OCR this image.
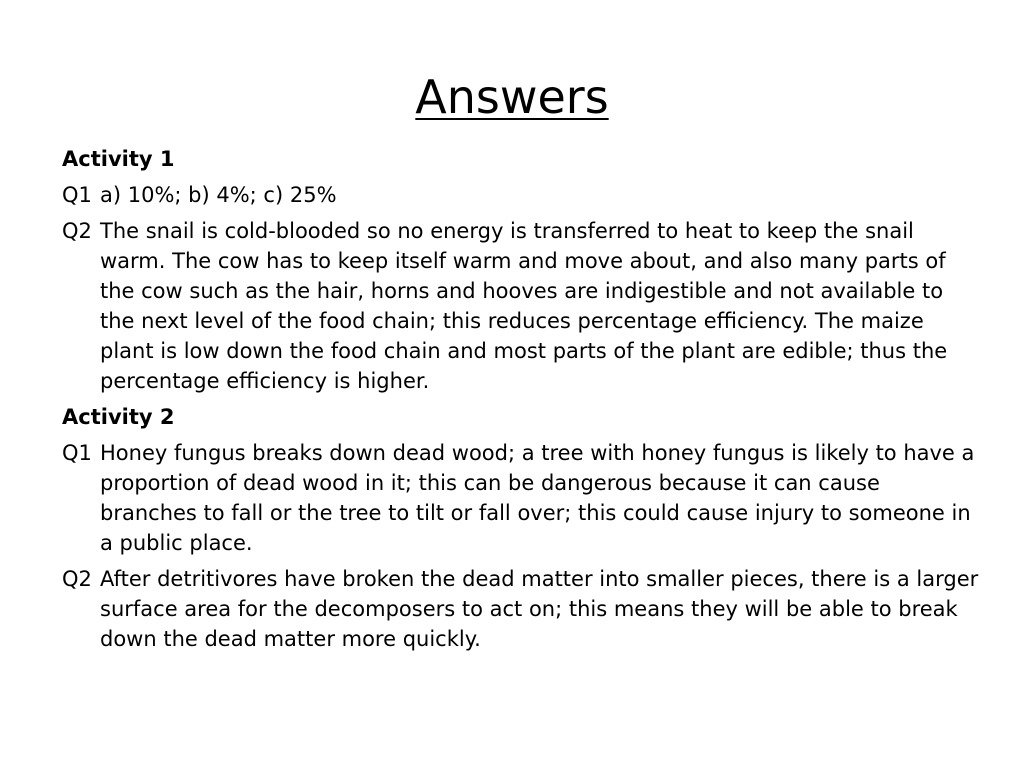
Answers
Activity 1
Q1 a) 10%; b) 4%; c) 25%
Q2 The snail is cold-blooded so no energy is transferred to heat to keep the snail warm. The cow has to keep itself warm and move about, and also many parts of the cow such as the hair, horns and hooves are indigestible and not available to the next level of the food chain; this reduces percentage efficiency. The maize plant is low down the food chain and most parts of the plant are edible; thus the percentage efficiency is higher.
Activity 2
Q1 Honey fungus breaks down dead wood; a tree with honey fungus is likely to have a proportion of dead wood in it; this can be dangerous because it can cause branches to fall or the tree to tilt or fall over; this could cause injury to someone in a public place.
Q2 After detritivores have broken the dead matter into smaller pieces, there is a larger surface area for the decomposers to act on; this means they will be able to break down the dead matter more quickly.
